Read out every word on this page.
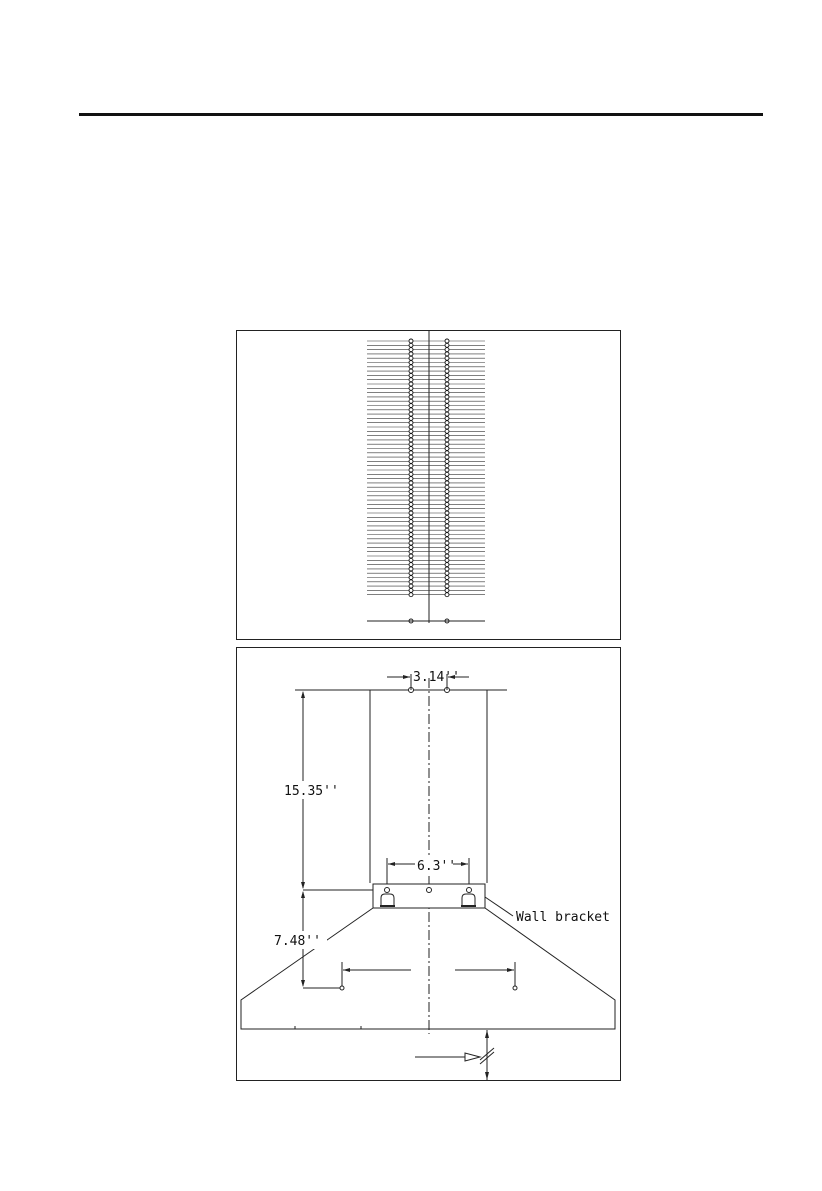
3.14''
15.35''
6.3''
Wall bracket
7.48''
